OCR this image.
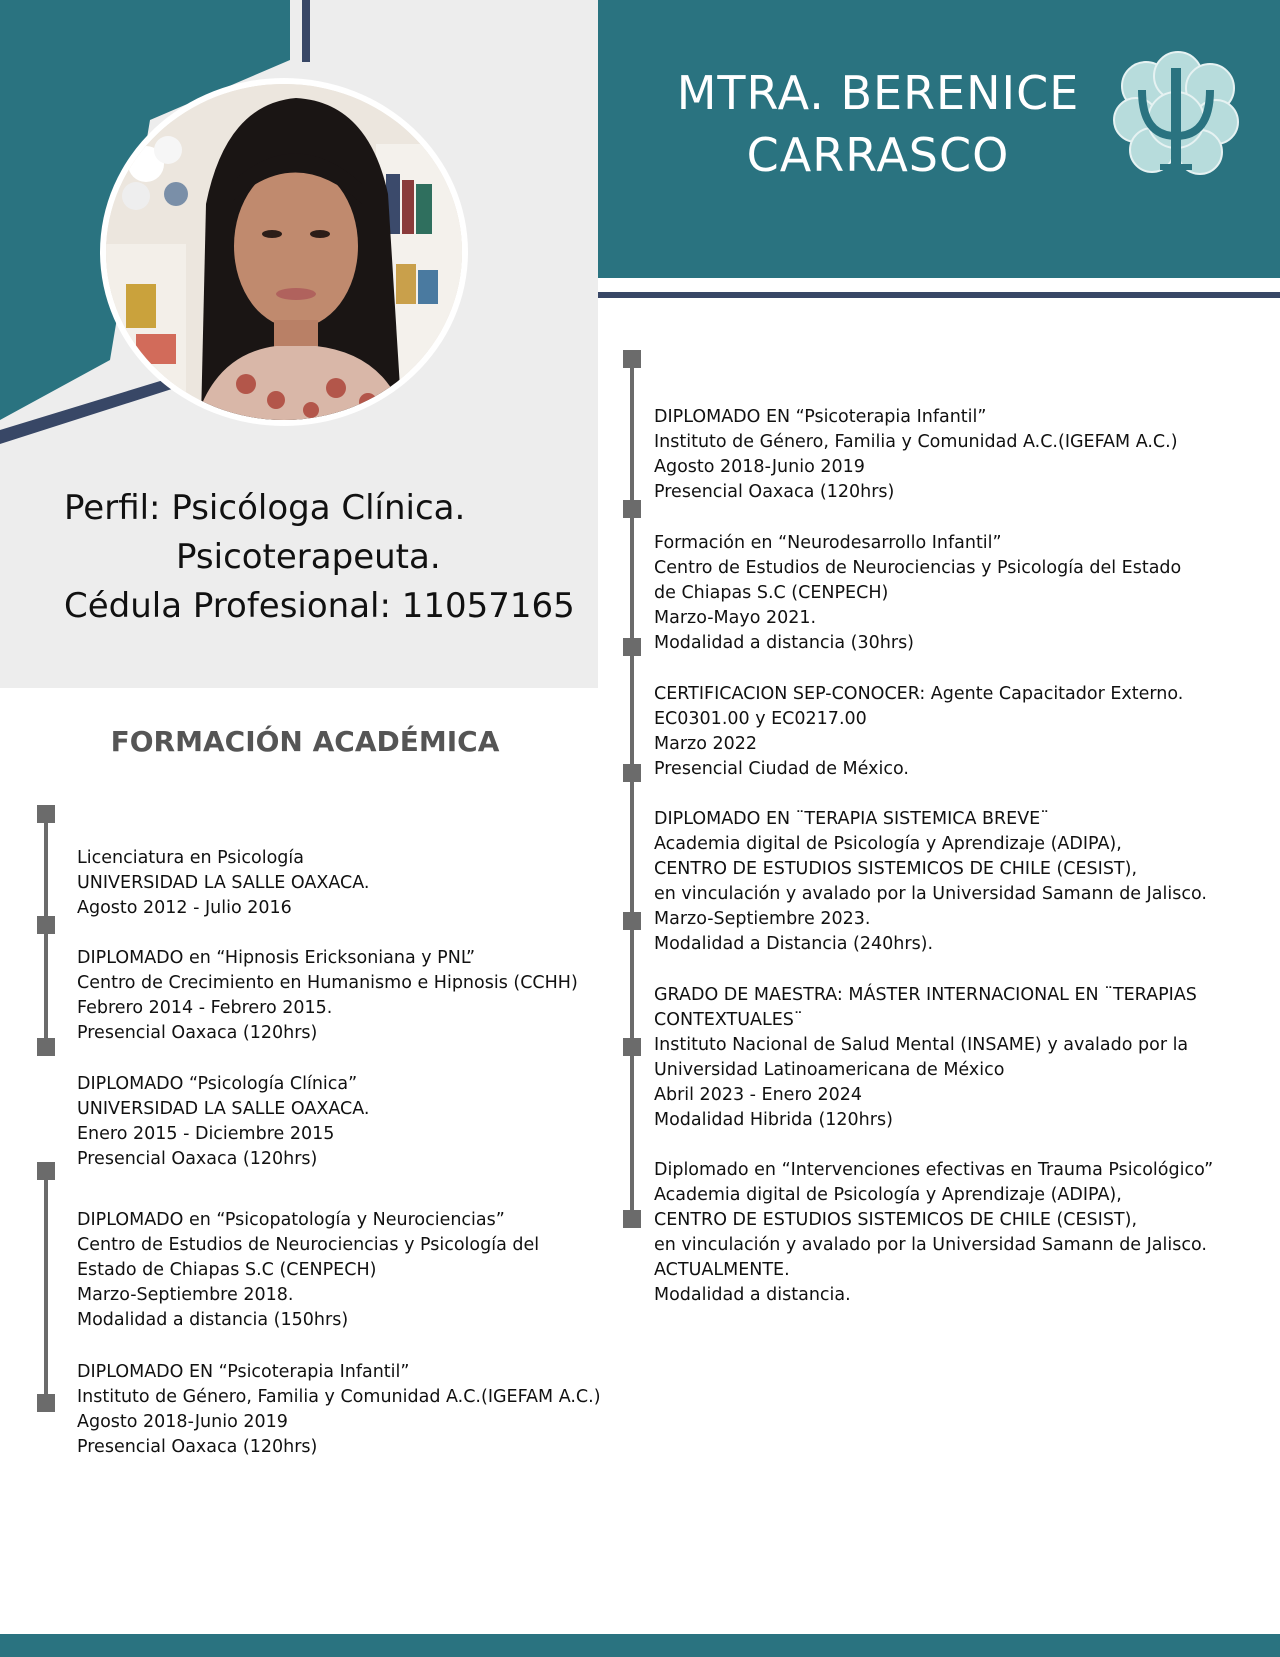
MTRA. BERENICE
CARRASCO
Perfil: Psicóloga Clínica.
Psicoterapeuta.
Cédula Profesional: 11057165
FORMACIÓN ACADÉMICA

Licenciatura en Psicología
UNIVERSIDAD LA SALLE OAXACA.
Agosto 2012 - Julio 2016

DIPLOMADO en “Hipnosis Ericksoniana y PNL”
Centro de Crecimiento en Humanismo e Hipnosis (CCHH)
Febrero 2014 - Febrero 2015.
Presencial Oaxaca (120hrs)

DIPLOMADO “Psicología Clínica”
UNIVERSIDAD LA SALLE OAXACA.
Enero 2015 - Diciembre 2015
Presencial Oaxaca (120hrs)

DIPLOMADO en “Psicopatología y Neurociencias”
Centro de Estudios de Neurociencias y Psicología del
Estado de Chiapas S.C (CENPECH)
Marzo-Septiembre 2018.
Modalidad a distancia (150hrs)

DIPLOMADO EN “Psicoterapia Infantil”
Instituto de Género, Familia y Comunidad A.C.(IGEFAM A.C.)
Agosto 2018-Junio 2019
Presencial Oaxaca (120hrs)

DIPLOMADO EN “Psicoterapia Infantil”
Instituto de Género, Familia y Comunidad A.C.(IGEFAM A.C.)
Agosto 2018-Junio 2019
Presencial Oaxaca (120hrs)

Formación en “Neurodesarrollo Infantil”
Centro de Estudios de Neurociencias y Psicología del Estado
de Chiapas S.C (CENPECH)
Marzo-Mayo 2021.
Modalidad a distancia (30hrs)

CERTIFICACION SEP-CONOCER: Agente Capacitador Externo.
EC0301.00 y EC0217.00
Marzo 2022
Presencial Ciudad de México.

DIPLOMADO EN ¨TERAPIA SISTEMICA BREVE¨
Academia digital de Psicología y Aprendizaje (ADIPA),
CENTRO DE ESTUDIOS SISTEMICOS DE CHILE (CESIST),
en vinculación y avalado por la Universidad Samann de Jalisco.
Marzo-Septiembre 2023.
Modalidad a Distancia (240hrs).

GRADO DE MAESTRA: MÁSTER INTERNACIONAL EN ¨TERAPIAS
CONTEXTUALES¨
Instituto Nacional de Salud Mental (INSAME) y avalado por la
Universidad Latinoamericana de México
Abril 2023 - Enero 2024
Modalidad Hibrida (120hrs)

Diplomado en “Intervenciones efectivas en Trauma Psicológico”
Academia digital de Psicología y Aprendizaje (ADIPA),
CENTRO DE ESTUDIOS SISTEMICOS DE CHILE (CESIST),
en vinculación y avalado por la Universidad Samann de Jalisco.
ACTUALMENTE.
Modalidad a distancia.
